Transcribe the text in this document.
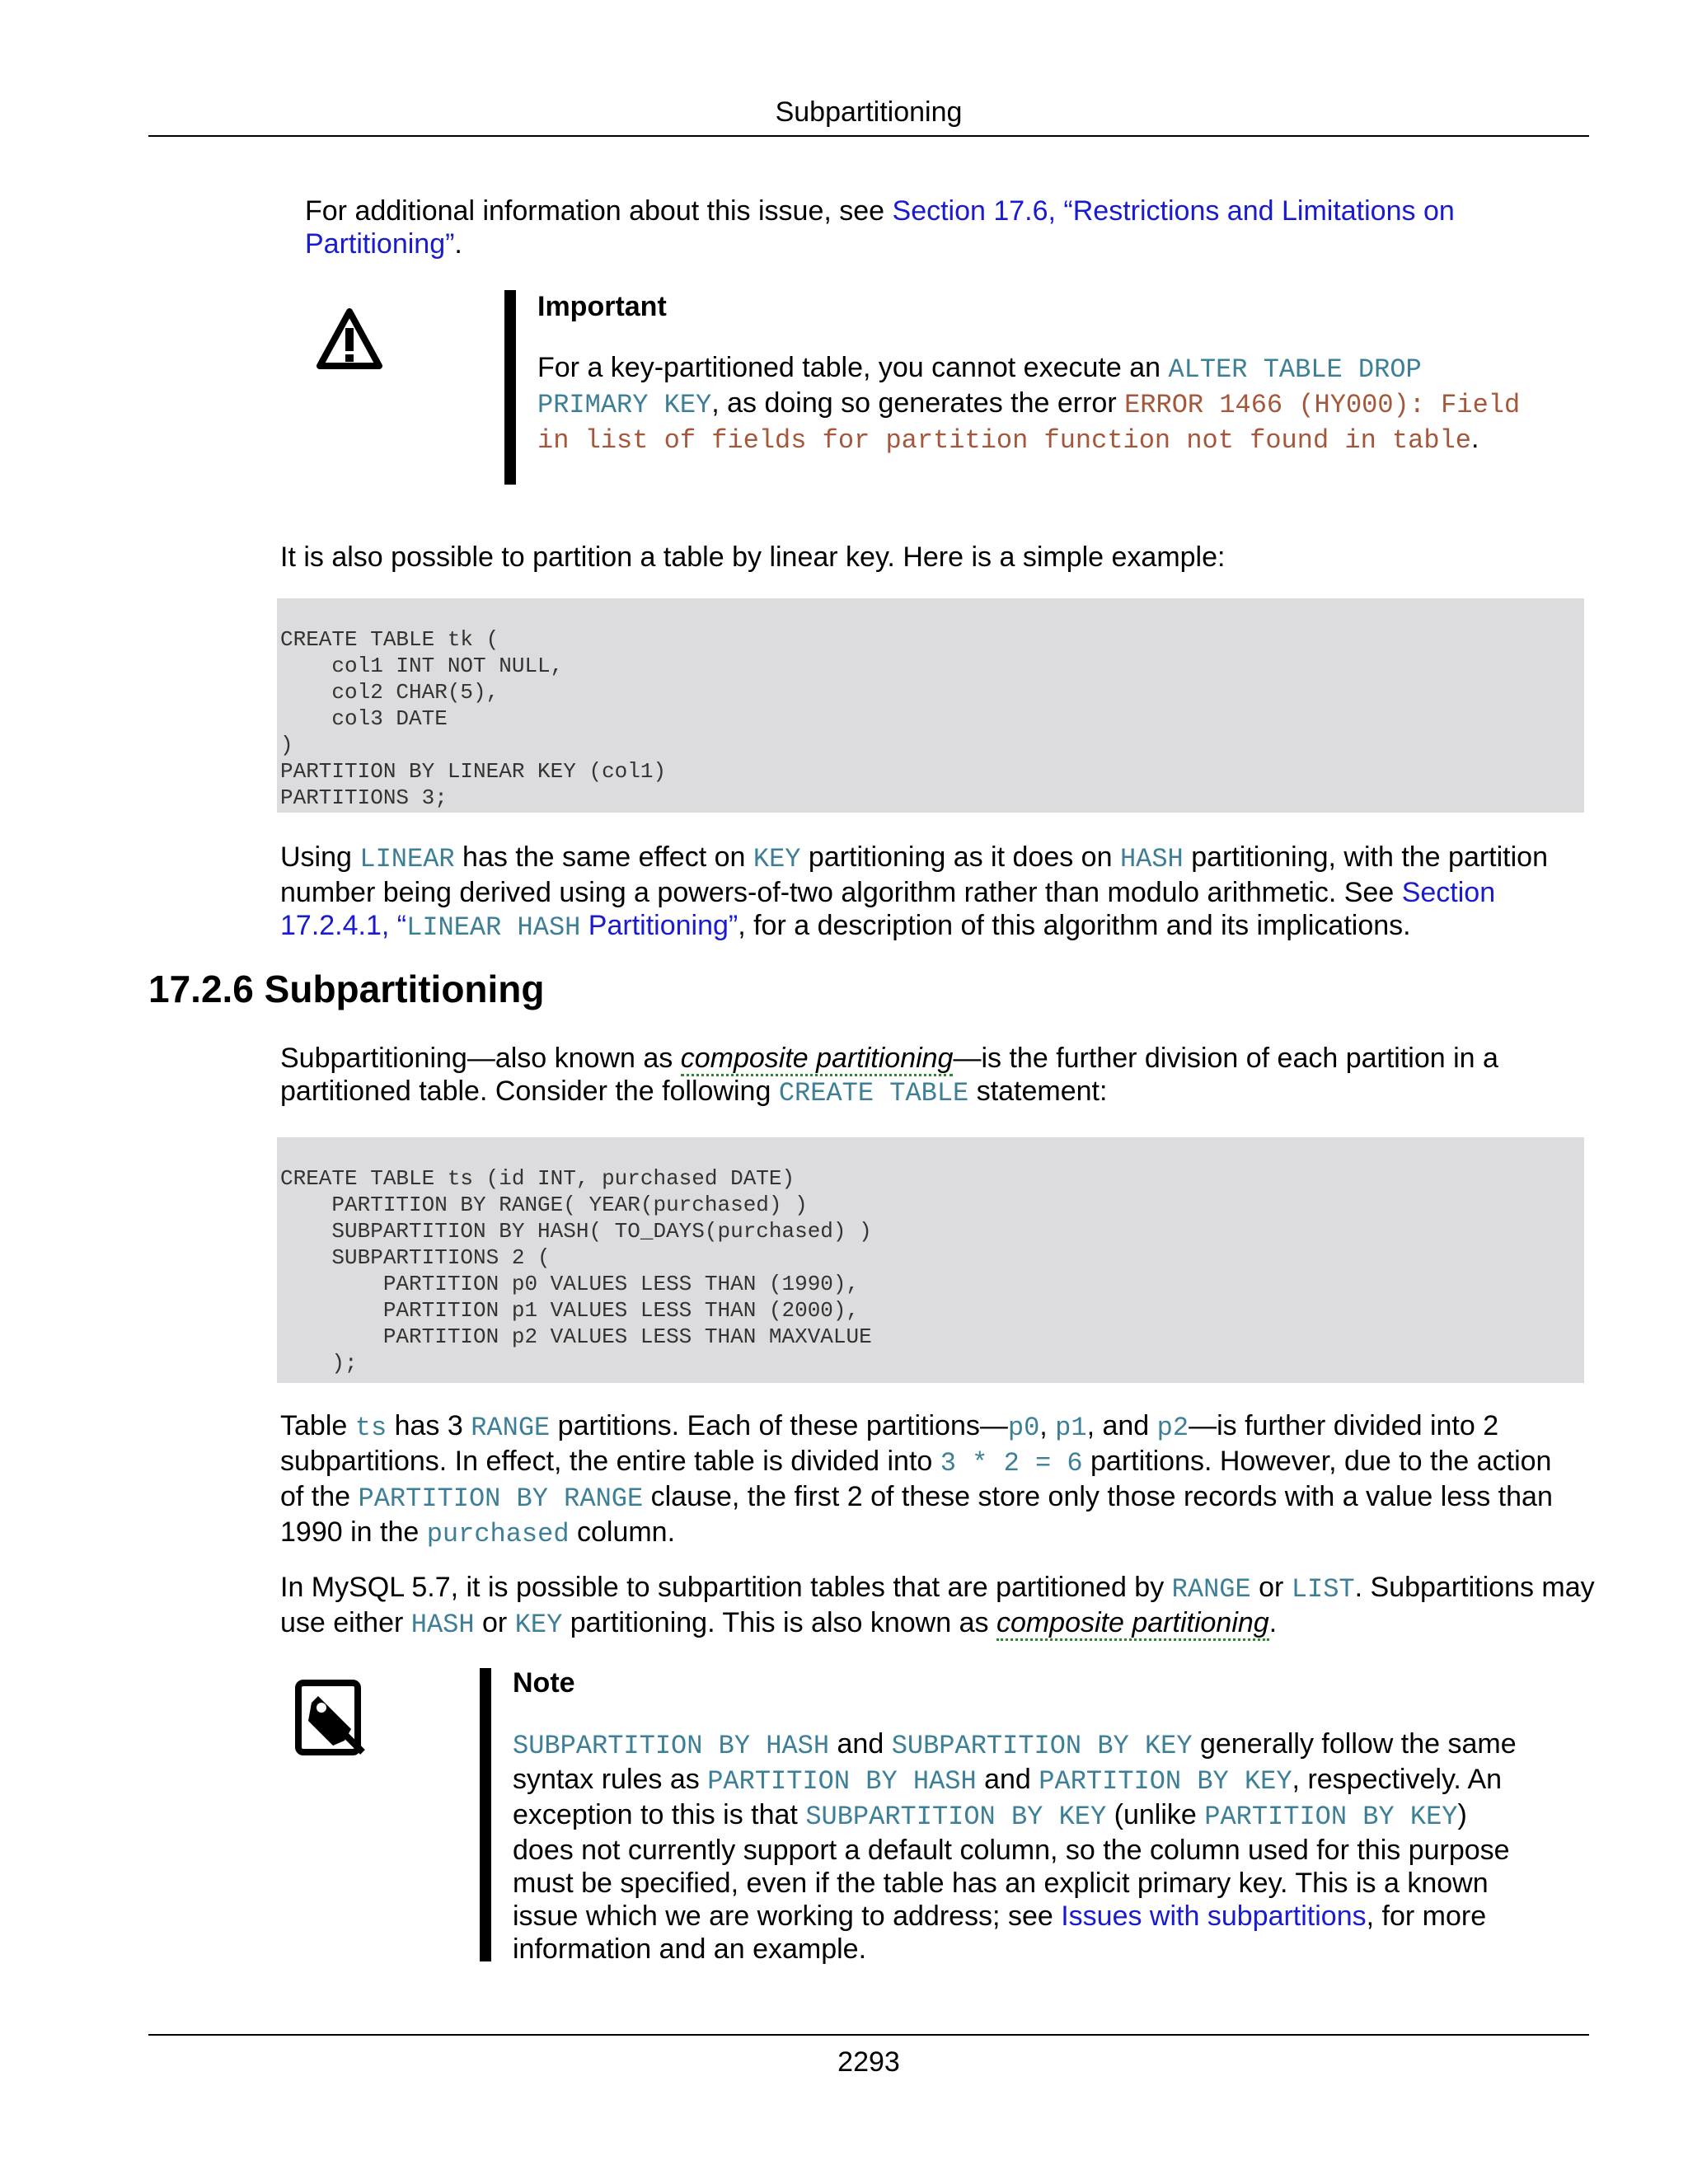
Subpartitioning

For additional information about this issue, see Section 17.6, “Restrictions and Limitations on Partitioning”.

Important

For a key-partitioned table, you cannot execute an ALTER TABLE DROP PRIMARY KEY, as doing so generates the error ERROR 1466 (HY000): Field in list of fields for partition function not found in table.

It is also possible to partition a table by linear key. Here is a simple example:

CREATE TABLE tk (
col1 INT NOT NULL,
col2 CHAR(5),
col3 DATE
)
PARTITION BY LINEAR KEY (col1)
PARTITIONS 3;

Using LINEAR has the same effect on KEY partitioning as it does on HASH partitioning, with the partition number being derived using a powers-of-two algorithm rather than modulo arithmetic. See Section 17.2.4.1, “LINEAR HASH Partitioning”, for a description of this algorithm and its implications.

17.2.6 Subpartitioning

Subpartitioning—also known as composite partitioning—is the further division of each partition in a partitioned table. Consider the following CREATE TABLE statement:

CREATE TABLE ts (id INT, purchased DATE)
PARTITION BY RANGE( YEAR(purchased) )
SUBPARTITION BY HASH( TO_DAYS(purchased) )
SUBPARTITIONS 2 (
PARTITION p0 VALUES LESS THAN (1990),
PARTITION p1 VALUES LESS THAN (2000),
PARTITION p2 VALUES LESS THAN MAXVALUE
);

Table ts has 3 RANGE partitions. Each of these partitions—p0, p1, and p2—is further divided into 2 subpartitions. In effect, the entire table is divided into 3 * 2 = 6 partitions. However, due to the action of the PARTITION BY RANGE clause, the first 2 of these store only those records with a value less than 1990 in the purchased column.

In MySQL 5.7, it is possible to subpartition tables that are partitioned by RANGE or LIST. Subpartitions may use either HASH or KEY partitioning. This is also known as composite partitioning.

Note

SUBPARTITION BY HASH and SUBPARTITION BY KEY generally follow the same syntax rules as PARTITION BY HASH and PARTITION BY KEY, respectively. An exception to this is that SUBPARTITION BY KEY (unlike PARTITION BY KEY) does not currently support a default column, so the column used for this purpose must be specified, even if the table has an explicit primary key. This is a known issue which we are working to address; see Issues with subpartitions, for more information and an example.

2293
